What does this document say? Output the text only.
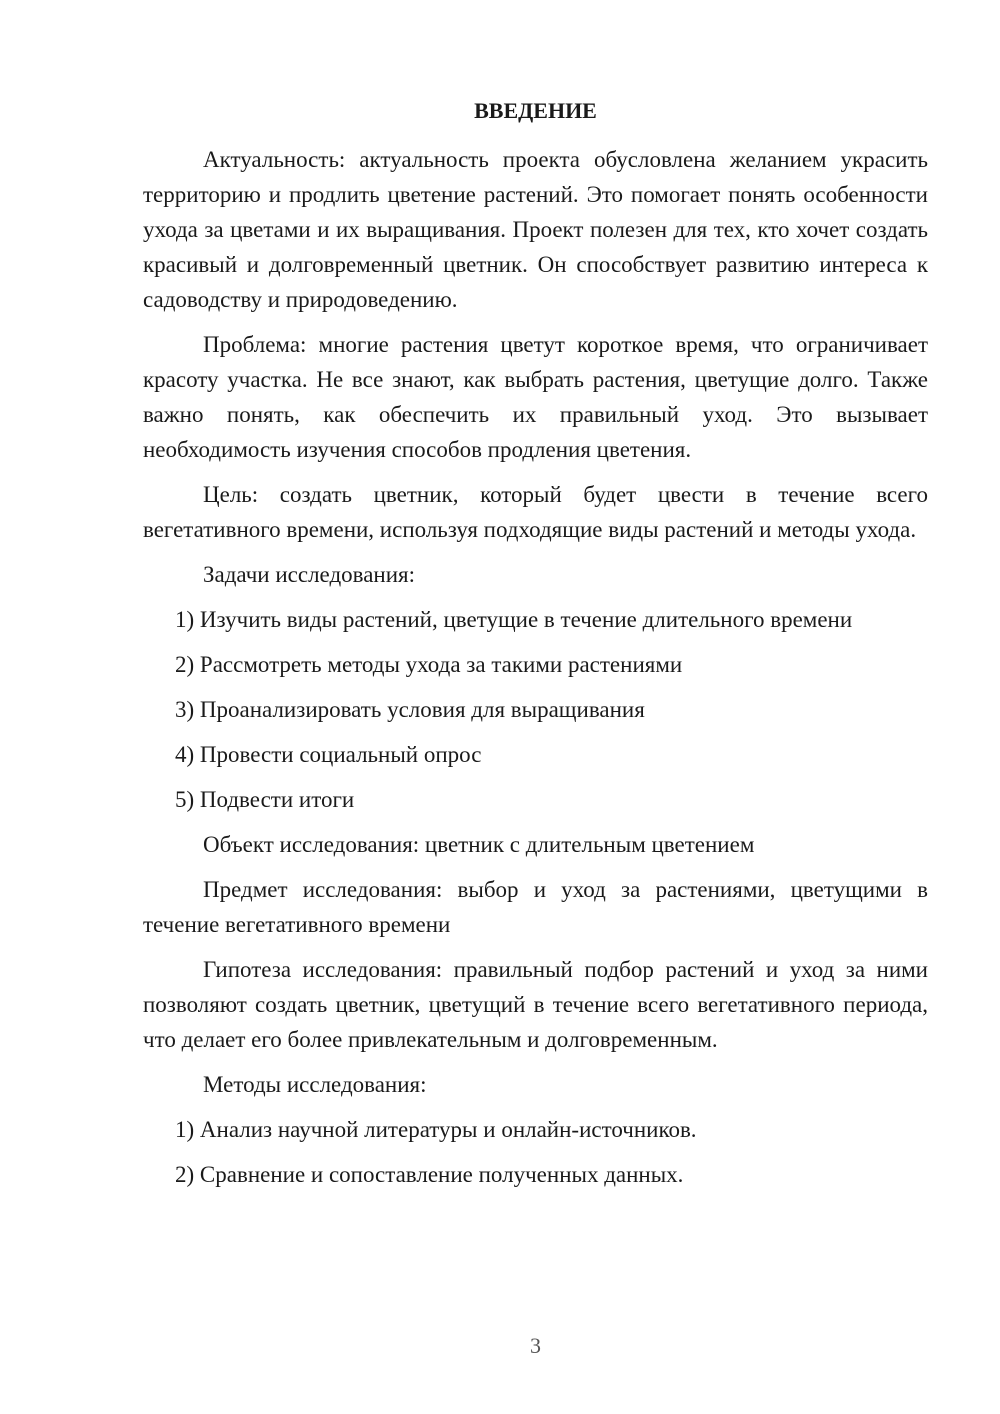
ВВЕДЕНИЕ

Актуальность: актуальность проекта обусловлена желанием украсить территорию и продлить цветение растений. Это помогает понять особенности ухода за цветами и их выращивания. Проект полезен для тех, кто хочет создать красивый и долговременный цветник. Он способствует развитию интереса к садоводству и природоведению.

Проблема: многие растения цветут короткое время, что ограничивает красоту участка. Не все знают, как выбрать растения, цветущие долго. Также важно понять, как обеспечить их правильный уход. Это вызывает необходимость изучения способов продления цветения.

Цель: создать цветник, который будет цвести в течение всего вегетативного времени, используя подходящие виды растений и методы ухода.

Задачи исследования:

1) Изучить виды растений, цветущие в течение длительного времени
2) Рассмотреть методы ухода за такими растениями
3) Проанализировать условия для выращивания
4) Провести социальный опрос
5) Подвести итоги

Объект исследования: цветник с длительным цветением

Предмет исследования: выбор и уход за растениями, цветущими в течение вегетативного времени

Гипотеза исследования: правильный подбор растений и уход за ними позволяют создать цветник, цветущий в течение всего вегетативного периода, что делает его более привлекательным и долговременным.

Методы исследования:

1) Анализ научной литературы и онлайн-источников.
2) Сравнение и сопоставление полученных данных.
3
